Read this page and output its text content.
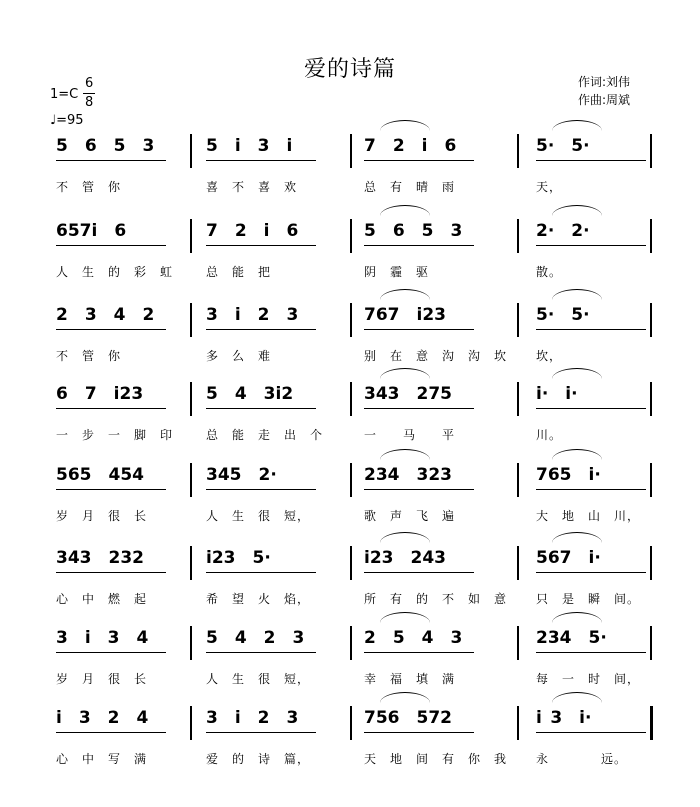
爱的诗篇	作词:刘伟
作曲:周斌
1=C
6
8
♩=95
5  6  5  3
不 管 你
5  i  3  i
喜 不 喜 欢
7  2  i  6
总 有 晴 雨
5·  5·
天，
657i  6
人 生 的 彩 虹
7  2  i  6
总 能 把
5  6  5  3
阴 霾 驱
2·  2·
散。
2  3  4  2
不 管 你
3  i  2  3
多 么 难
767  i23
别 在 意 沟 沟 坎
5·  5·
坎，
6  7  i23
一 步 一 脚 印
5  4  3i2
总 能 走 出 个
343  275
一  马  平
i·  i·
川。
565  454
岁 月 很 长
345  2·
人 生 很 短，
234  323
歌 声 飞 遍
765  i·
大 地 山 川，
343  232
心 中 燃 起
i23  5·
希 望 火 焰，
i23  243
所 有 的 不 如 意
567  i·
只 是 瞬 间。
3  i  3  4
岁 月 很 长
5  4  2  3
人 生 很 短，
2  5  4  3
幸 福 填 满
234  5·
每 一 时 间，
i  3  2  4
心 中 写 满
3  i  2  3
爱 的 诗 篇，
756  572
天 地 间 有 你 我
i 3  i·
永    远。
